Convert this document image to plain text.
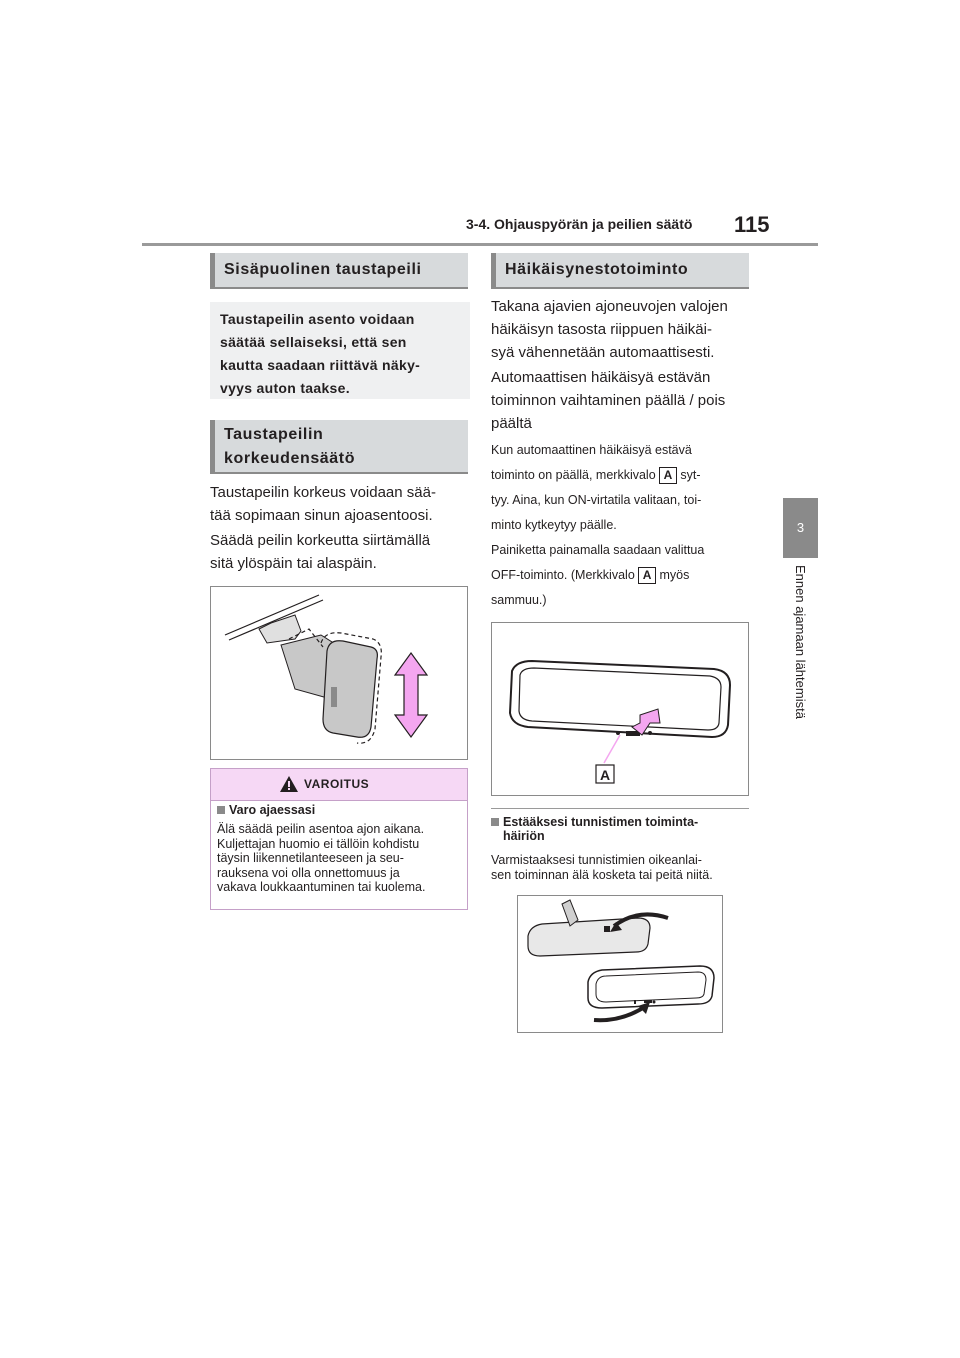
3-4. Ohjauspyörän ja peilien säätö 115
3
Ennen ajamaan lähtemistä
Sisäpuolinen taustapeili
Taustapeilin asento voidaan
säätää sellaiseksi, että sen
kautta saadaan riittävä näky-
vyys auton taakse.
Taustapeilin
korkeudensäätö
Taustapeilin korkeus voidaan sää-
tää sopimaan sinun ajoasentoosi.
Säädä peilin korkeutta siirtämällä
sitä ylöspäin tai alaspäin.
VAROITUS
Varo ajaessasi
Älä säädä peilin asentoa ajon aikana.
Kuljettajan huomio ei tällöin kohdistu
täysin liikennetilanteeseen ja seu-
rauksena voi olla onnettomuus ja
vakava loukkaantuminen tai kuolema.
Häikäisynestotoiminto
Takana ajavien ajoneuvojen valojen
häikäisyn tasosta riippuen häikäi-
syä vähennetään automaattisesti.
Automaattisen häikäisyä estävän
toiminnon vaihtaminen päällä / pois
päältä
Kun automaattinen häikäisyä estävä
toiminto on päällä, merkkivalo A syt-
tyy. Aina, kun ON-virtatila valitaan, toi-
minto kytkeytyy päälle.
Painiketta painamalla saadaan valittua
OFF-toiminto. (Merkkivalo A myös
sammuu.)
A
Estääksesi tunnistimen toiminta-
häiriön
Varmistaaksesi tunnistimien oikeanlai-
sen toiminnan älä kosketa tai peitä niitä.
